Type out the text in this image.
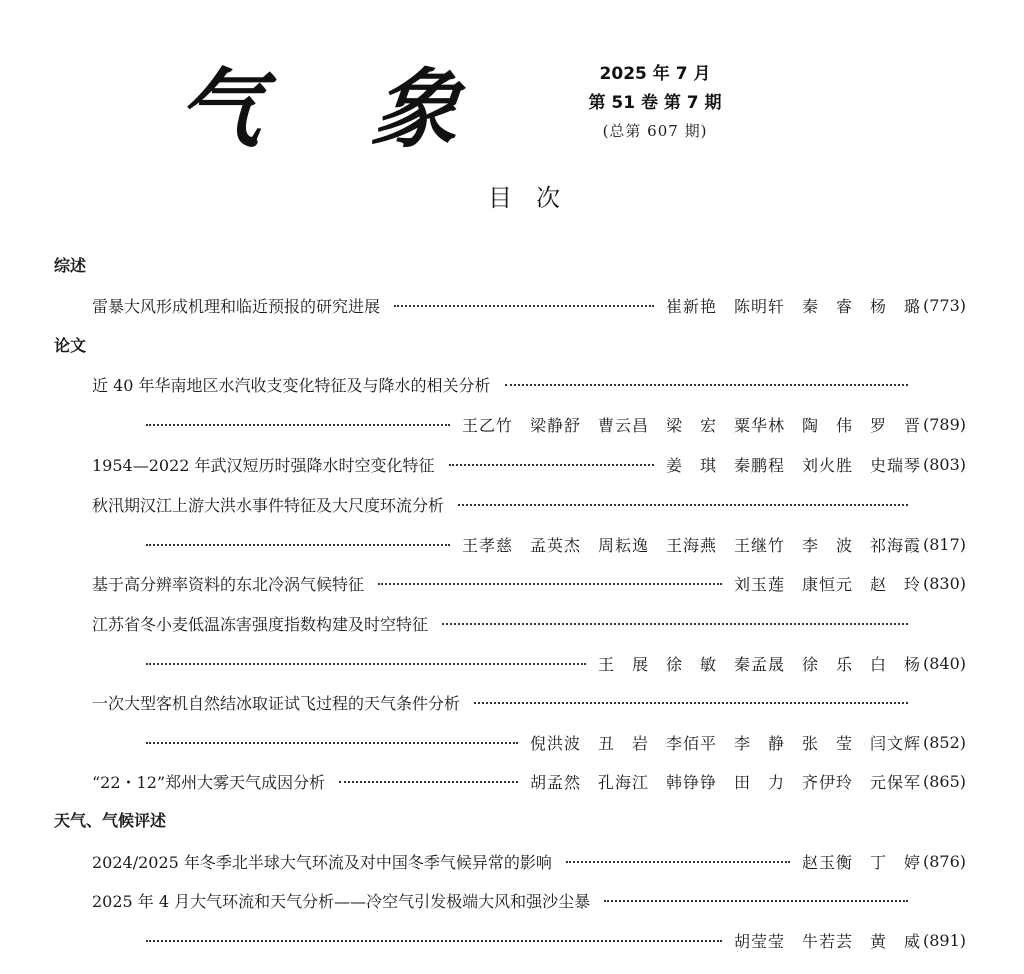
气 象	2025 年 7 月
第 51 卷 第 7 期
(总第 607 期)
目次
综述
雷暴大风形成机理和临近预报的研究进展	崔新艳　陈明轩　秦　睿　杨　璐 (773)
论文
近 40 年华南地区水汽收支变化特征及与降水的相关分析
王乙竹　梁静舒　曹云昌　梁　宏　粟华林　陶　伟　罗　晋 (789)
1954—2022 年武汉短历时强降水时空变化特征	姜　琪　秦鹏程　刘火胜　史瑞琴 (803)
秋汛期汉江上游大洪水事件特征及大尺度环流分析
王孝慈　孟英杰　周耘逸　王海燕　王继竹　李　波　祁海霞 (817)
基于高分辨率资料的东北冷涡气候特征	刘玉莲　康恒元　赵　玲 (830)
江苏省冬小麦低温冻害强度指数构建及时空特征
王　展　徐　敏　秦孟晟　徐　乐　白　杨 (840)
一次大型客机自然结冰取证试飞过程的天气条件分析
倪洪波　丑　岩　李佰平　李　静　张　莹　闫文辉 (852)
“22・12”郑州大雾天气成因分析	胡孟然　孔海江　韩铮铮　田　力　齐伊玲　元保军 (865)
天气、气候评述
2024/2025 年冬季北半球大气环流及对中国冬季气候异常的影响	赵玉衡　丁　婷 (876)
2025 年 4 月大气环流和天气分析——冷空气引发极端大风和强沙尘暴
胡莹莹　牛若芸　黄　威 (891)
